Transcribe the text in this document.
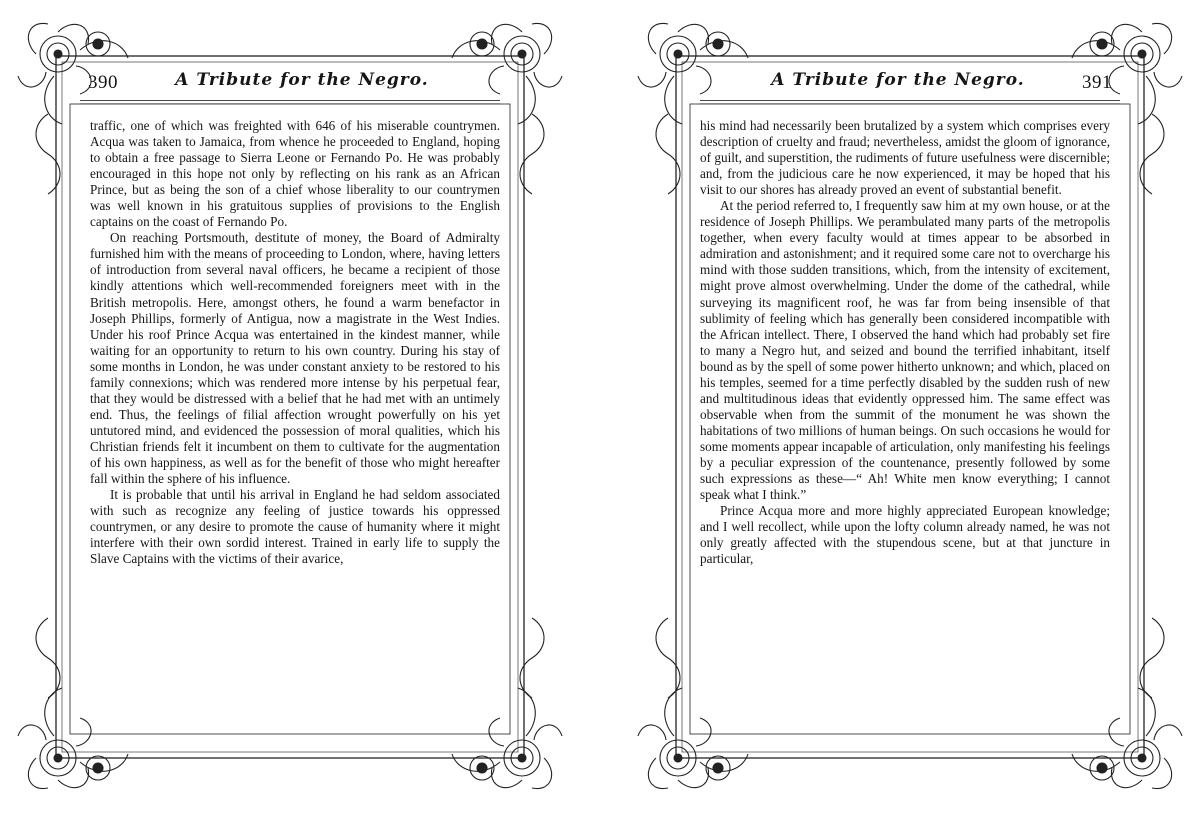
390	A Tribute for the Negro.

traffic, one of which was freighted with 646 of his miserable countrymen. Acqua was taken to Jamaica, from whence he proceeded to England, hoping to obtain a free passage to Sierra Leone or Fernando Po. He was probably encouraged in this hope not only by reflecting on his rank as an African Prince, but as being the son of a chief whose liberality to our countrymen was well known in his gratuitous supplies of provisions to the English captains on the coast of Fernando Po.

On reaching Portsmouth, destitute of money, the Board of Admiralty furnished him with the means of proceeding to London, where, having letters of introduction from several naval officers, he became a recipient of those kindly attentions which well-recommended foreigners meet with in the British metropolis. Here, amongst others, he found a warm benefactor in Joseph Phillips, formerly of Antigua, now a magistrate in the West Indies. Under his roof Prince Acqua was entertained in the kindest manner, while waiting for an opportunity to return to his own country. During his stay of some months in London, he was under constant anxiety to be restored to his family connexions; which was rendered more intense by his perpetual fear, that they would be distressed with a belief that he had met with an untimely end. Thus, the feelings of filial affection wrought powerfully on his yet untutored mind, and evidenced the possession of moral qualities, which his Christian friends felt it incumbent on them to cultivate for the augmentation of his own happiness, as well as for the benefit of those who might hereafter fall within the sphere of his influence.

It is probable that until his arrival in England he had seldom associated with such as recognize any feeling of justice towards his oppressed countrymen, or any desire to promote the cause of humanity where it might interfere with their own sordid interest. Trained in early life to supply the Slave Captains with the victims of their avarice,

A Tribute for the Negro.	391

his mind had necessarily been brutalized by a system which comprises every description of cruelty and fraud; nevertheless, amidst the gloom of ignorance, of guilt, and superstition, the rudiments of future usefulness were discernible; and, from the judicious care he now experienced, it may be hoped that his visit to our shores has already proved an event of substantial benefit.

At the period referred to, I frequently saw him at my own house, or at the residence of Joseph Phillips. We perambulated many parts of the metropolis together, when every faculty would at times appear to be absorbed in admiration and astonishment; and it required some care not to overcharge his mind with those sudden transitions, which, from the intensity of excitement, might prove almost overwhelming. Under the dome of the cathedral, while surveying its magnificent roof, he was far from being insensible of that sublimity of feeling which has generally been considered incompatible with the African intellect. There, I observed the hand which had probably set fire to many a Negro hut, and seized and bound the terrified inhabitant, itself bound as by the spell of some power hitherto unknown; and which, placed on his temples, seemed for a time perfectly disabled by the sudden rush of new and multitudinous ideas that evidently oppressed him. The same effect was observable when from the summit of the monument he was shown the habitations of two millions of human beings. On such occasions he would for some moments appear incapable of articulation, only manifesting his feelings by a peculiar expression of the countenance, presently followed by some such expressions as these—“ Ah! White men know everything; I cannot speak what I think.”

Prince Acqua more and more highly appreciated European knowledge; and I well recollect, while upon the lofty column already named, he was not only greatly affected with the stupendous scene, but at that juncture in particular,
